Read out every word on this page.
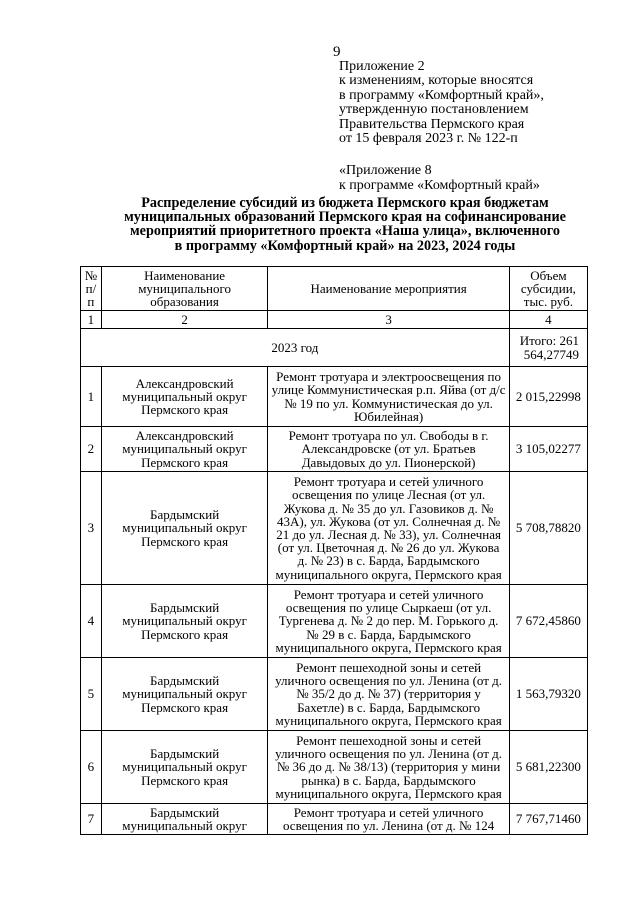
9
Приложение 2
к изменениям, которые вносятся
в программу «Комфортный край»,
утвержденную постановлением
Правительства Пермского края
от 15 февраля 2023 г. № 122-п
«Приложение 8
к программе «Комфортный край»
Распределение субсидий из бюджета Пермского края бюджетам
муниципальных образований Пермского края на софинансирование
мероприятий приоритетного проекта «Наша улица», включенного
в программу «Комфортный край» на 2023, 2024 годы
№ п/п	Наименование муниципального образования	Наименование мероприятия	Объем субсидии, тыс. руб.
1	2	3	4
2023 год			Итого: 261 564,27749
1	Александровский муниципальный округ Пермского края	Ремонт тротуара и электроосвещения по улице Коммунистическая р.п. Яйва (от д/с № 19 по ул. Коммунистическая до ул. Юбилейная)	2 015,22998
2	Александровский муниципальный округ Пермского края	Ремонт тротуара по ул. Свободы в г. Александровске (от ул. Братьев Давыдовых до ул. Пионерской)	3 105,02277
3	Бардымский муниципальный округ Пермского края	Ремонт тротуара и сетей уличного освещения по улице Лесная (от ул. Жукова д. № 35 до ул. Газовиков д. № 43А), ул. Жукова (от ул. Солнечная д. № 21 до ул. Лесная д. № 33), ул. Солнечная (от ул. Цветочная д. № 26 до ул. Жукова д. № 23) в с. Барда, Бардымского муниципального округа, Пермского края	5 708,78820
4	Бардымский муниципальный округ Пермского края	Ремонт тротуара и сетей уличного освещения по улице Сыркаеш (от ул. Тургенева д. № 2 до пер. М. Горького д. № 29 в с. Барда, Бардымского муниципального округа, Пермского края	7 672,45860
5	Бардымский муниципальный округ Пермского края	Ремонт пешеходной зоны и сетей уличного освещения по ул. Ленина (от д. № 35/2 до д. № 37) (территория у Бахетле) в с. Барда, Бардымского муниципального округа, Пермского края	1 563,79320
6	Бардымский муниципальный округ Пермского края	Ремонт пешеходной зоны и сетей уличного освещения по ул. Ленина (от д. № 36 до д. № 38/13) (территория у мини рынка) в с. Барда, Бардымского муниципального округа, Пермского края	5 681,22300
7	Бардымский муниципальный округ	Ремонт тротуара и сетей уличного освещения по ул. Ленина (от д. № 124	7 767,71460
